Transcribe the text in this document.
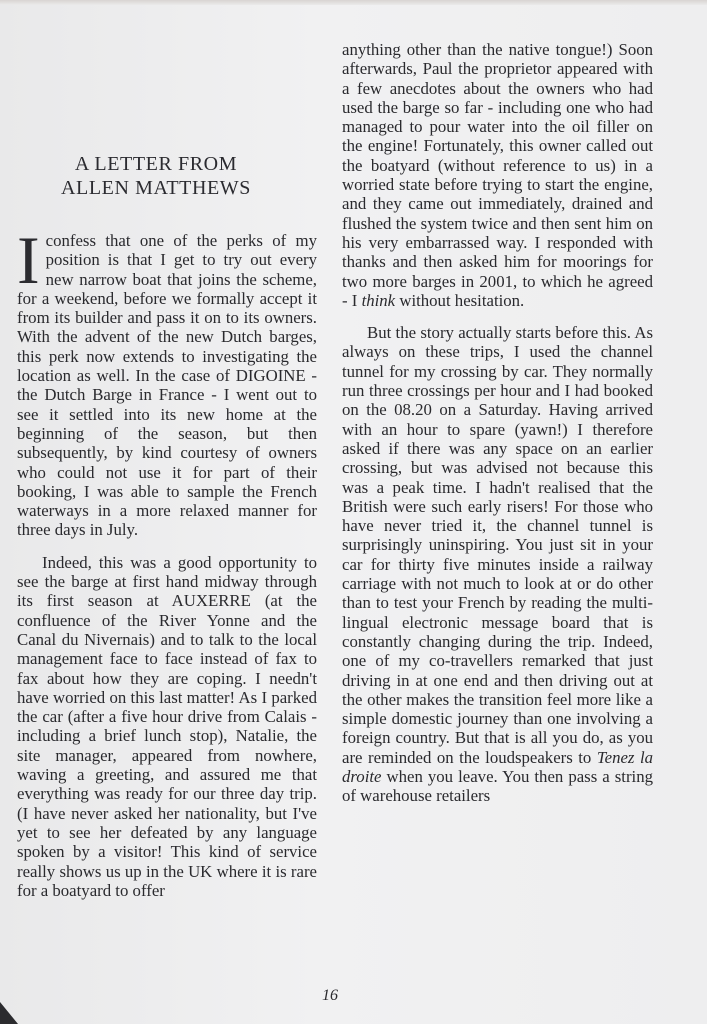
A LETTER FROM
ALLEN MATTHEWS

I confess that one of the perks of my position is that I get to try out every new narrow boat that joins the scheme, for a weekend, before we formally accept it from its builder and pass it on to its owners. With the advent of the new Dutch barges, this perk now extends to investigating the location as well. In the case of DIGOINE - the Dutch Barge in France - I went out to see it settled into its new home at the beginning of the season, but then subsequently, by kind courtesy of owners who could not use it for part of their booking, I was able to sample the French waterways in a more relaxed manner for three days in July.

Indeed, this was a good opportunity to see the barge at first hand midway through its first season at AUXERRE (at the confluence of the River Yonne and the Canal du Nivernais) and to talk to the local management face to face instead of fax to fax about how they are coping. I needn't have worried on this last matter! As I parked the car (after a five hour drive from Calais - including a brief lunch stop), Natalie, the site manager, appeared from nowhere, waving a greeting, and assured me that everything was ready for our three day trip. (I have never asked her nationality, but I've yet to see her defeated by any language spoken by a visitor! This kind of service really shows us up in the UK where it is rare for a boatyard to offer

anything other than the native tongue!) Soon afterwards, Paul the proprietor appeared with a few anecdotes about the owners who had used the barge so far - including one who had managed to pour water into the oil filler on the engine! Fortunately, this owner called out the boatyard (without reference to us) in a worried state before trying to start the engine, and they came out immediately, drained and flushed the system twice and then sent him on his very embarrassed way. I responded with thanks and then asked him for moorings for two more barges in 2001, to which he agreed - I think without hesitation.

But the story actually starts before this. As always on these trips, I used the channel tunnel for my crossing by car. They normally run three crossings per hour and I had booked on the 08.20 on a Saturday. Having arrived with an hour to spare (yawn!) I therefore asked if there was any space on an earlier crossing, but was advised not because this was a peak time. I hadn't realised that the British were such early risers! For those who have never tried it, the channel tunnel is surprisingly uninspiring. You just sit in your car for thirty five minutes inside a railway carriage with not much to look at or do other than to test your French by reading the multi-lingual electronic message board that is constantly changing during the trip. Indeed, one of my co-travellers remarked that just driving in at one end and then driving out at the other makes the transition feel more like a simple domestic journey than one involving a foreign country. But that is all you do, as you are reminded on the loudspeakers to Tenez la droite when you leave. You then pass a string of warehouse retailers

16
